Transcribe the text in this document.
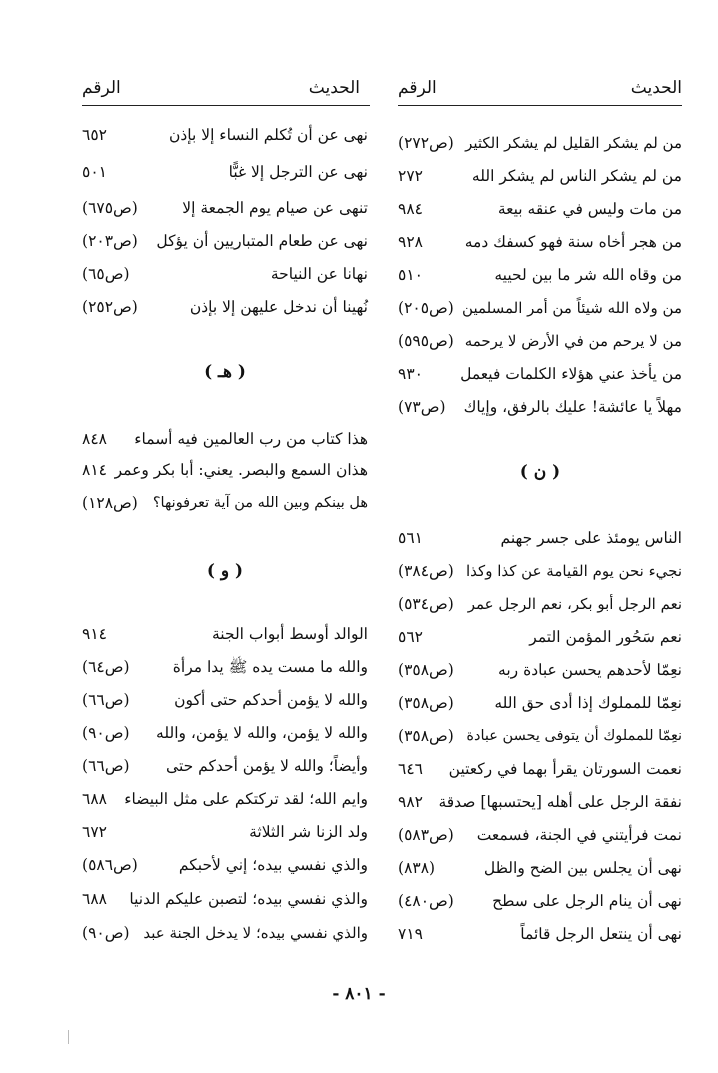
الرقم	الحديث الرقم	الحديث
من لم يشكر القليل لم يشكر الكثير
(ص٢٧٢)
من لم يشكر الناس لم يشكر الله
٢٧٢
من مات وليس في عنقه بيعة
٩٨٤
من هجر أخاه سنة فهو كسفك دمه
٩٢٨
من وقاه الله شر ما بين لحييه
٥١٠
من ولاه الله شيئاً من أمر المسلمين
(ص٢٠٥)
من لا يرحم من في الأرض لا يرحمه
(ص٥٩٥)
من يأخذ عني هؤلاء الكلمات فيعمل
٩٣٠
مهلاً يا عائشة! عليك بالرفق، وإياك
(ص٧٣)
( ن )
الناس يومئذ على جسر جهنم
٥٦١
نجيء نحن يوم القيامة عن كذا وكذا
(ص٣٨٤)
نعم الرجل أبو بكر، نعم الرجل عمر
(ص٥٣٤)
نعم سَحُور المؤمن التمر
٥٦٢
نعِمّا لأحدهم يحسن عبادة ربه
(ص٣٥٨)
نعِمّا للمملوك إذا أدى حق الله
(ص٣٥٨)
نعِمّا للمملوك أن يتوفى يحسن عبادة
(ص٣٥٨)
نعمت السورتان يقرأ بهما في ركعتين
٦٤٦
نفقة الرجل على أهله [يحتسبها] صدقة
٩٨٢
نمت فرأيتني في الجنة، فسمعت
(ص٥٨٣)
نهى أن يجلس بين الضح والظل
(٨٣٨)
نهى أن ينام الرجل على سطح
(ص٤٨٠)
نهى أن ينتعل الرجل قائماً
٧١٩
نهى عن أن تُكلم النساء إلا بإذن
٦٥٢
نهى عن الترجل إلا غبًّا
٥٠١
تنهى عن صيام يوم الجمعة إلا
(ص٦٧٥)
نهى عن طعام المتباريين أن يؤكل
(ص٢٠٣)
نهانا عن النياحة
(ص٦٥)
نُهينا أن ندخل عليهن إلا بإذن
(ص٢٥٢)
( هـ )
هذا كتاب من رب العالمين فيه أسماء
٨٤٨
هذان السمع والبصر. يعني: أبا بكر وعمر
٨١٤
هل بينكم وبين الله من آية تعرفونها؟
(ص١٢٨)
( و )
الوالد أوسط أبواب الجنة
٩١٤
والله ما مست يده ﷺ يدا مرأة
(ص٦٤)
والله لا يؤمن أحدكم حتى أكون
(ص٦٦)
والله لا يؤمن، والله لا يؤمن، والله
(ص٩٠)
وأيضاً؛ والله لا يؤمن أحدكم حتى
(ص٦٦)
وايم الله؛ لقد تركتكم على مثل البيضاء
٦٨٨
ولد الزنا شر الثلاثة
٦٧٢
والذي نفسي بيده؛ إني لأحبكم
(ص٥٨٦)
والذي نفسي بيده؛ لتصبن عليكم الدنيا
٦٨٨
والذي نفسي بيده؛ لا يدخل الجنة عبد
(ص٩٠)
- ٨٠١ -
